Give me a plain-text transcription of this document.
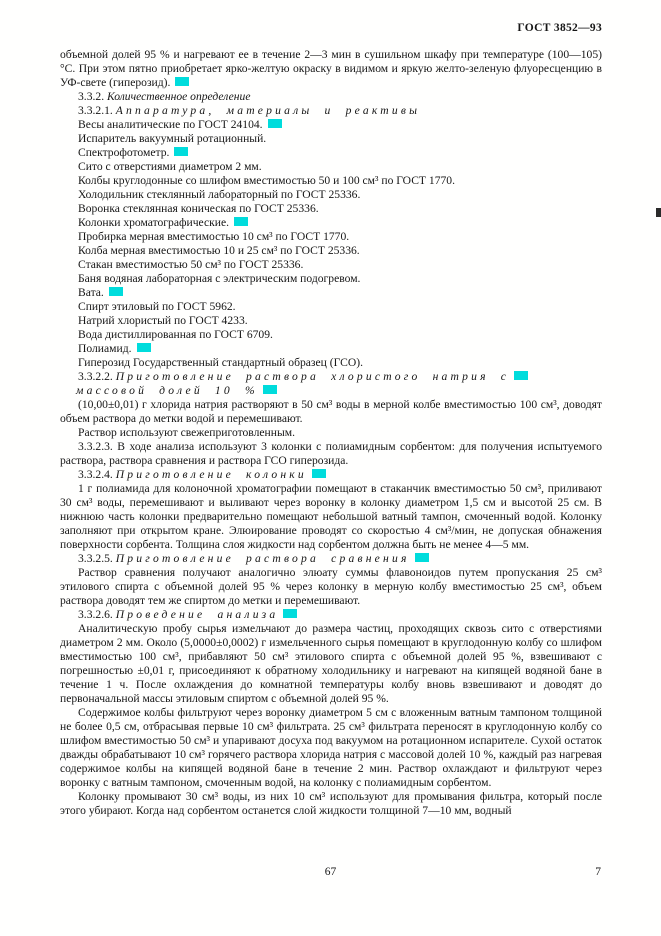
ГОСТ 3852—93

объемной долей 95 % и нагревают ее в течение 2—3 мин в сушильном шкафу при температуре (100—105) °С. При этом пятно приобретает ярко-желтую окраску в видимом и яркую желто-зеленую флуоресценцию в УФ-свете (гиперозид).

3.3.2. Количественное определение

3.3.2.1. Аппаратура, материалы и реактивы

Весы аналитические по ГОСТ 24104.

Испаритель вакуумный ротационный.

Спектрофотометр.

Сито с отверстиями диаметром 2 мм.

Колбы круглодонные со шлифом вместимостью 50 и 100 см³ по ГОСТ 1770.

Холодильник стеклянный лабораторный по ГОСТ 25336.

Воронка стеклянная коническая по ГОСТ 25336.

Колонки хроматографические.

Пробирка мерная вместимостью 10 см³ по ГОСТ 1770.

Колба мерная вместимостью 10 и 25 см³ по ГОСТ 25336.

Стакан вместимостью 50 см³ по ГОСТ 25336.

Баня водяная лабораторная с электрическим подогревом.

Вата.

Спирт этиловый по ГОСТ 5962.

Натрий хлористый по ГОСТ 4233.

Вода дистиллированная по ГОСТ 6709.

Полиамид.

Гиперозид Государственный стандартный образец (ГСО).

3.3.2.2. Приготовление раствора хлористого натрия с

массовой долей 10 %

(10,00±0,01) г хлорида натрия растворяют в 50 см³ воды в мерной колбе вместимостью 100 см³, доводят объем раствора до метки водой и перемешивают.

Раствор используют свежеприготовленным.

3.3.2.3. В ходе анализа используют 3 колонки с полиамидным сорбентом: для получения испытуемого раствора, раствора сравнения и раствора ГСО гиперозида.

3.3.2.4. Приготовление колонки

1 г полиамида для колоночной хроматографии помещают в стаканчик вместимостью 50 см³, приливают 30 см³ воды, перемешивают и выливают через воронку в колонку диаметром 1,5 см и высотой 25 см. В нижнюю часть колонки предварительно помещают небольшой ватный тампон, смоченный водой. Колонку заполняют при открытом кране. Элюирование проводят со скоростью 4 см³/мин, не допуская обнажения поверхности сорбента. Толщина слоя жидкости над сорбентом должна быть не менее 4—5 мм.

3.3.2.5. Приготовление раствора сравнения

Раствор сравнения получают аналогично элюату суммы флавоноидов путем пропускания 25 см³ этилового спирта с объемной долей 95 % через колонку в мерную колбу вместимостью 25 см³, объем раствора доводят тем же спиртом до метки и перемешивают.

3.3.2.6. Проведение анализа

Аналитическую пробу сырья измельчают до размера частиц, проходящих сквозь сито с отверстиями диаметром 2 мм. Около (5,0000±0,0002) г измельченного сырья помещают в круглодонную колбу со шлифом вместимостью 100 см³, прибавляют 50 см³ этилового спирта с объемной долей 95 %, взвешивают с погрешностью ±0,01 г, присоединяют к обратному холодильнику и нагревают на кипящей водяной бане в течение 1 ч. После охлаждения до комнатной температуры колбу вновь взвешивают и доводят до первоначальной массы этиловым спиртом с объемной долей 95 %.

Содержимое колбы фильтруют через воронку диаметром 5 см с вложенным ватным тампоном толщиной не более 0,5 см, отбрасывая первые 10 см³ фильтрата. 25 см³ фильтрата переносят в круглодонную колбу со шлифом вместимостью 50 см³ и упаривают досуха под вакуумом на ротационном испарителе. Сухой остаток дважды обрабатывают 10 см³ горячего раствора хлорида натрия с массовой долей 10 %, каждый раз нагревая содержимое колбы на кипящей водяной бане в течение 2 мин. Раствор охлаждают и фильтруют через воронку с ватным тампоном, смоченным водой, на колонку с полиамидным сорбентом.

Колонку промывают 30 см³ воды, из них 10 см³ используют для промывания фильтра, который после этого убирают. Когда над сорбентом останется слой жидкости толщиной 7—10 мм, водный

67	7
